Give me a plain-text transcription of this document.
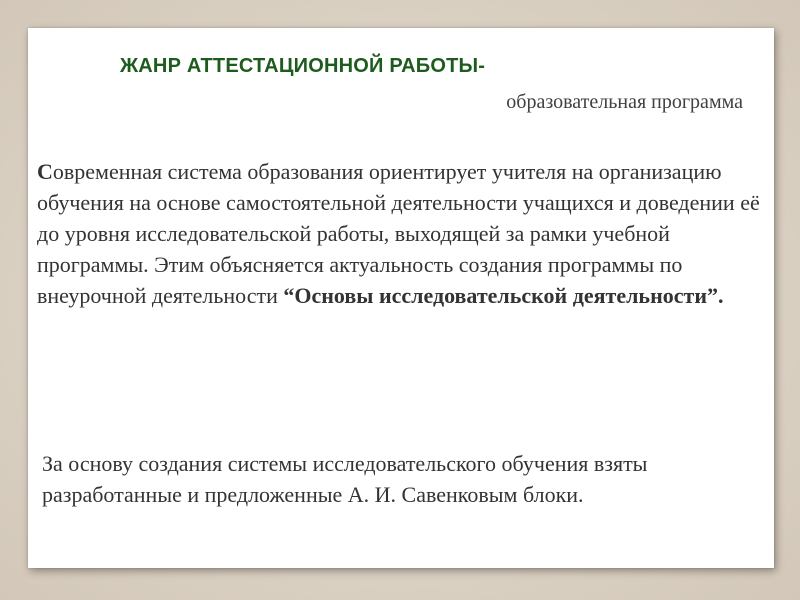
ЖАНР АТТЕСТАЦИОННОЙ РАБОТЫ-

образовательная программа

Современная система образования ориентирует учителя на организацию обучения на основе самостоятельной деятельности учащихся и доведении её до уровня исследовательской работы, выходящей за рамки учебной программы. Этим объясняется актуальность создания программы по внеурочной деятельности “Основы исследовательской деятельности”.

За основу создания системы исследовательского обучения взяты разработанные и предложенные А. И. Савенковым блоки.
